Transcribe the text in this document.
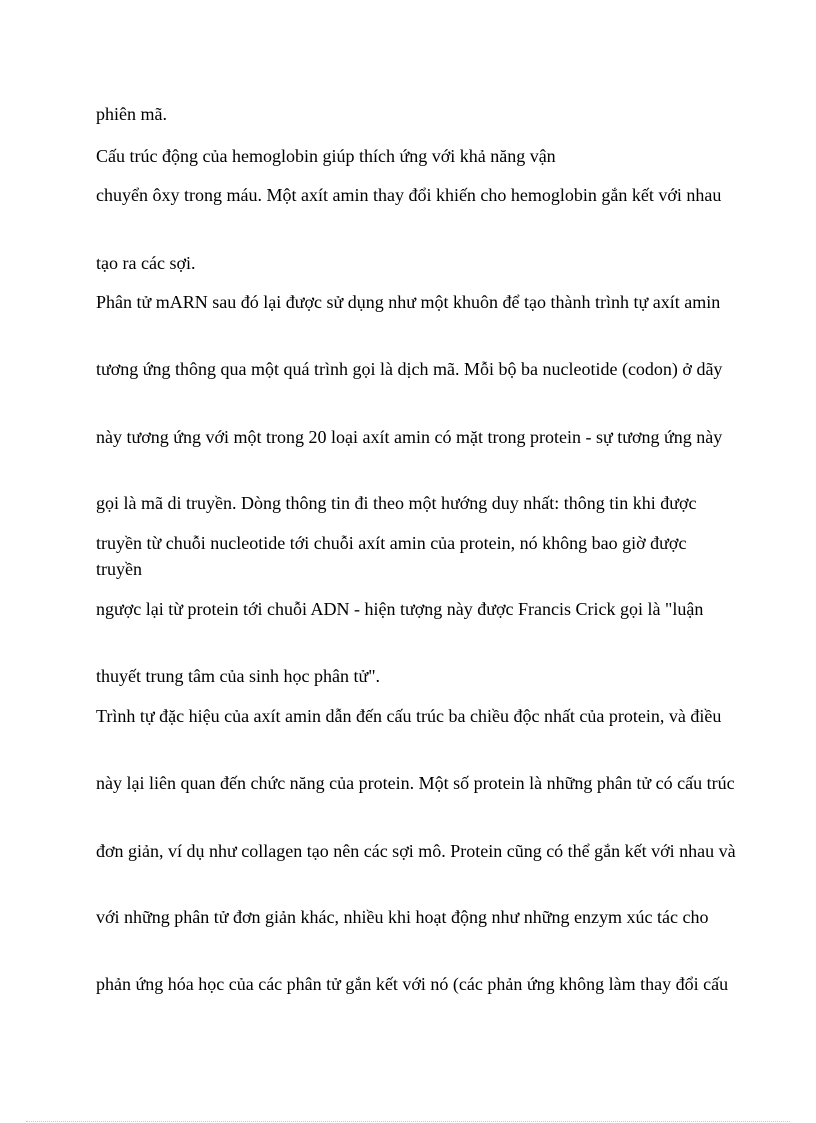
phiên mã.

Cấu trúc động của hemoglobin giúp thích ứng với khả năng vận

chuyển ôxy trong máu. Một axít amin thay đổi khiến cho hemoglobin gắn kết với nhau

tạo ra các sợi.

Phân tử mARN sau đó lại được sử dụng như một khuôn để tạo thành trình tự axít amin

tương ứng thông qua một quá trình gọi là dịch mã. Mỗi bộ ba nucleotide (codon) ở dãy

này tương ứng với một trong 20 loại axít amin có mặt trong protein - sự tương ứng này

gọi là mã di truyền. Dòng thông tin đi theo một hướng duy nhất: thông tin khi được

truyền từ chuỗi nucleotide tới chuỗi axít amin của protein, nó không bao giờ được truyền

ngược lại từ protein tới chuỗi ADN - hiện tượng này được Francis Crick gọi là "luận

thuyết trung tâm của sinh học phân tử".

Trình tự đặc hiệu của axít amin dẫn đến cấu trúc ba chiều độc nhất của protein, và điều

này lại liên quan đến chức năng của protein. Một số protein là những phân tử có cấu trúc

đơn giản, ví dụ như collagen tạo nên các sợi mô. Protein cũng có thể gắn kết với nhau và

với những phân tử đơn giản khác, nhiều khi hoạt động như những enzym xúc tác cho

phản ứng hóa học của các phân tử gắn kết với nó (các phản ứng không làm thay đổi cấu
